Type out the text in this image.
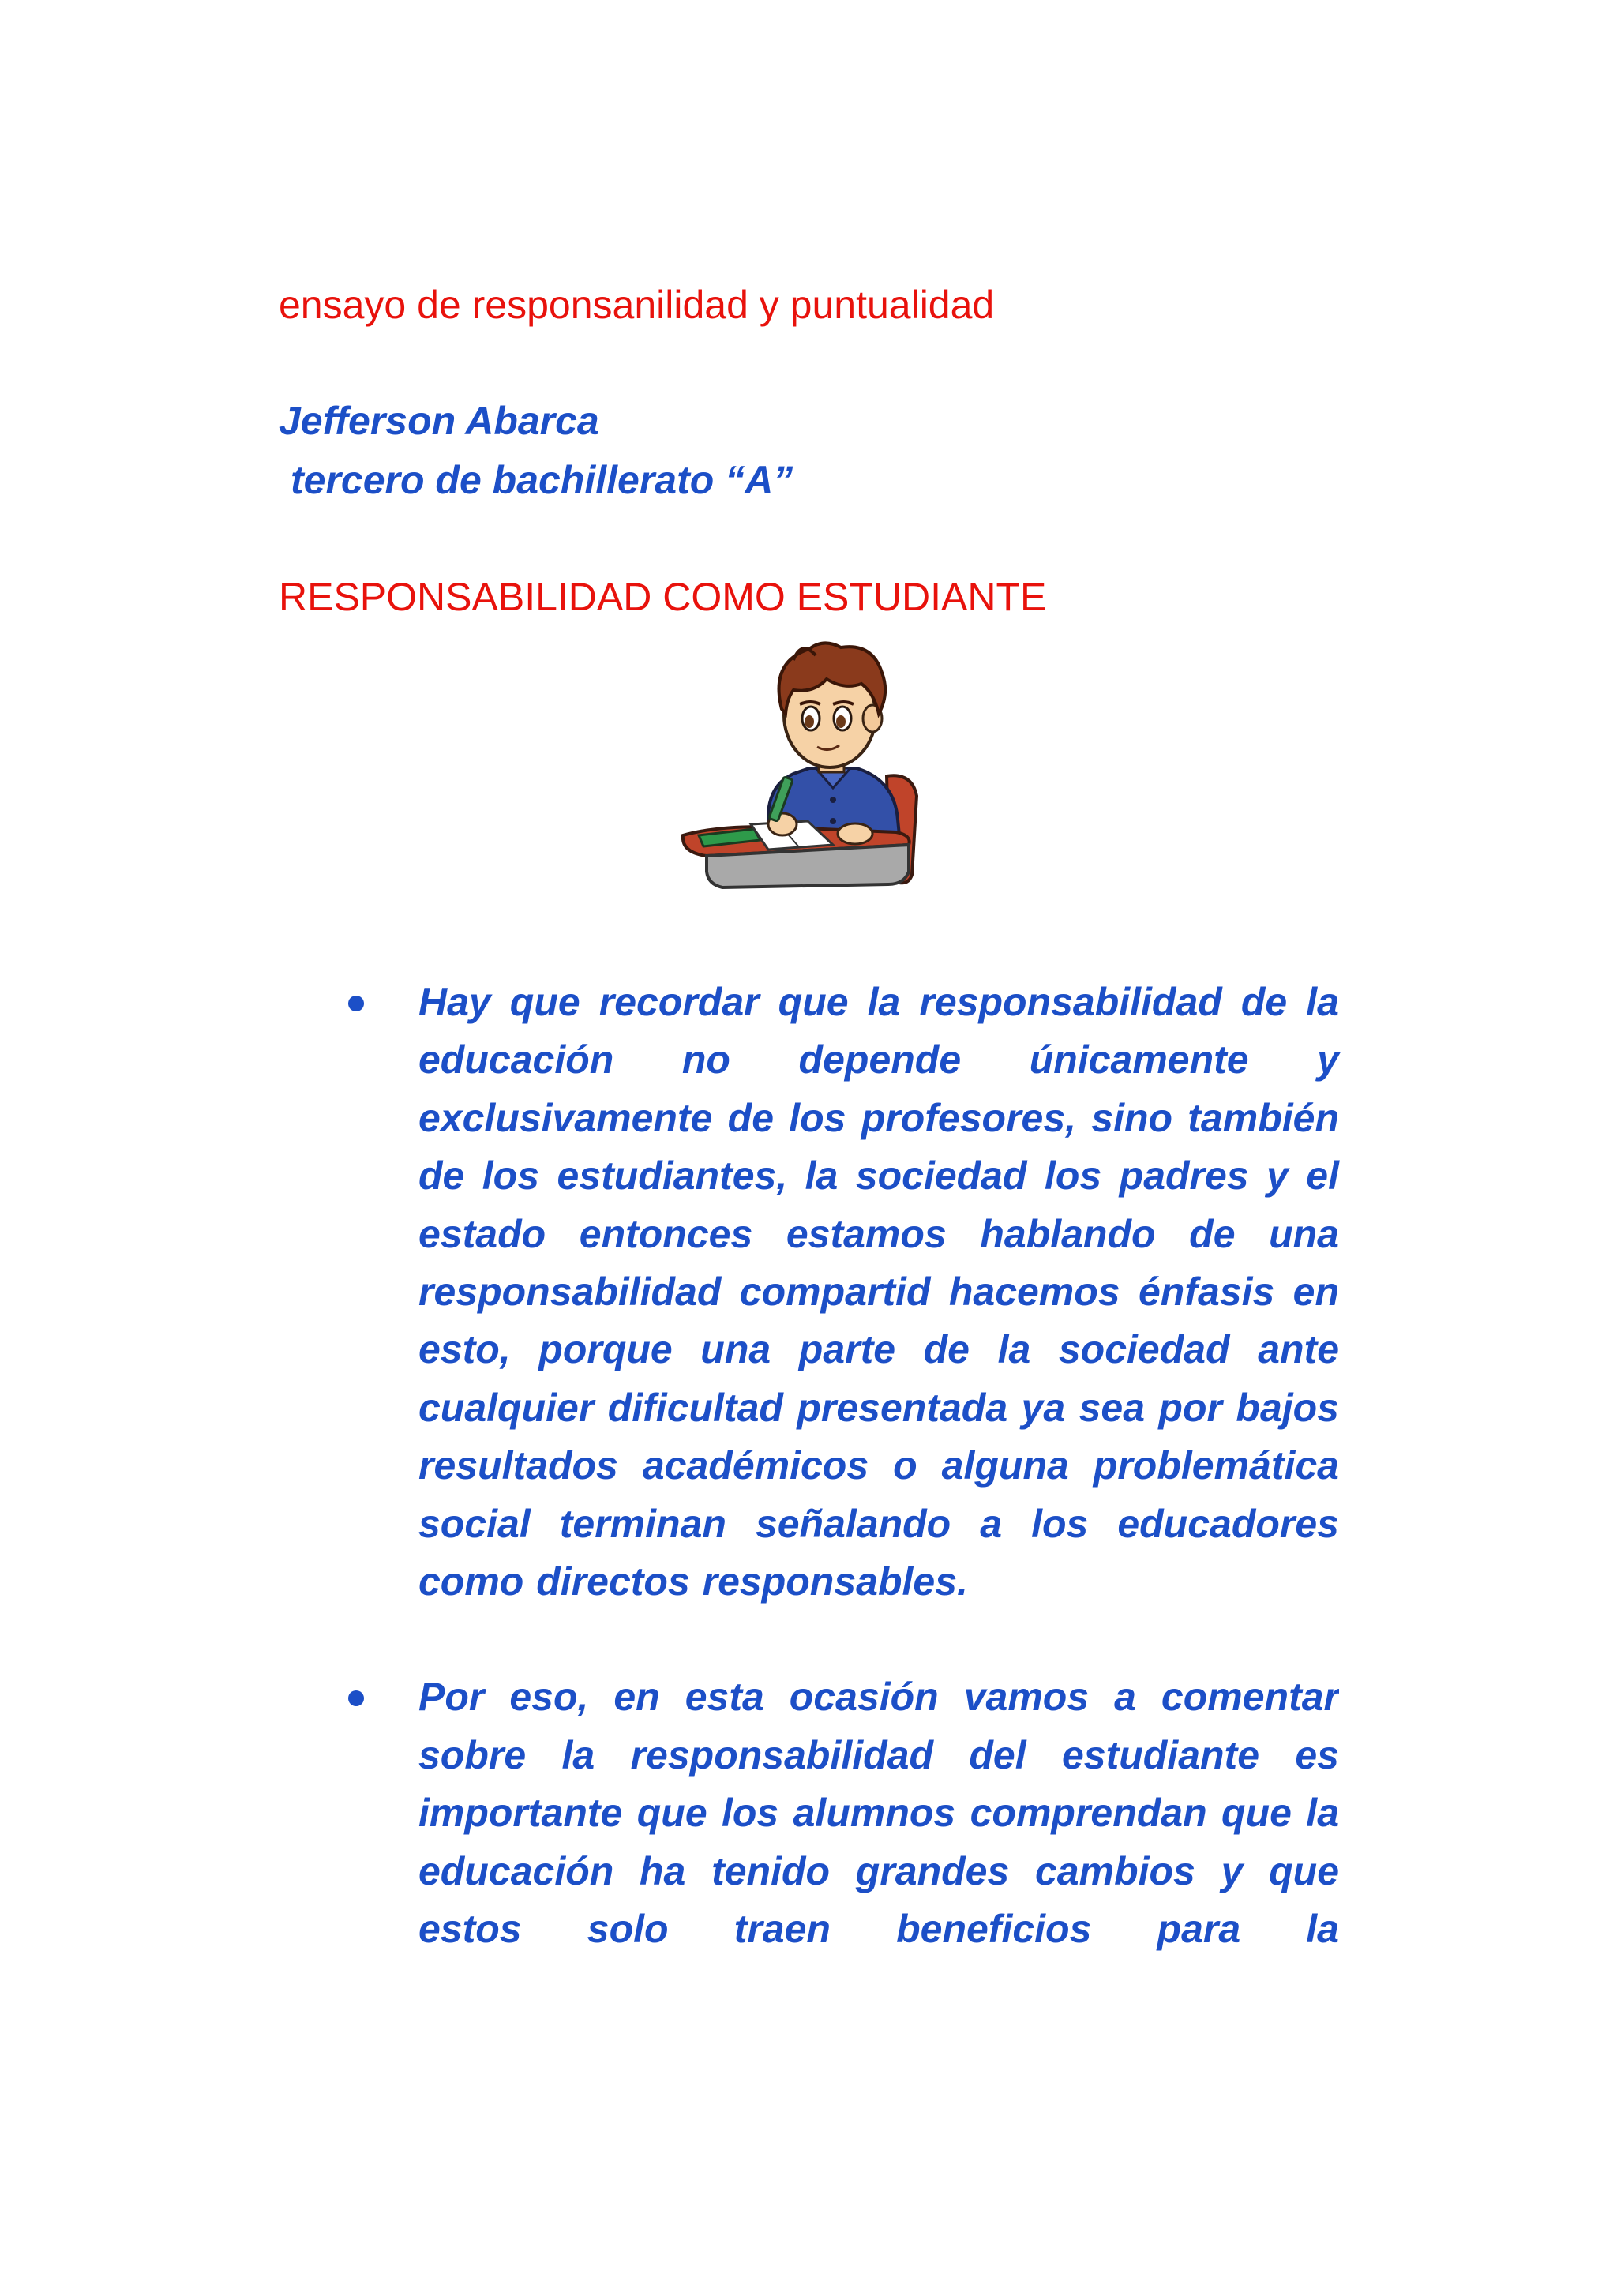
ensayo de responsanilidad y puntualidad
Jefferson Abarca
tercero de bachillerato “A”
RESPONSABILIDAD COMO ESTUDIANTE
Hay que recordar que la responsabilidad de la educación no depende únicamente y exclusivamente de los profesores, sino también de los estudiantes, la sociedad los padres y el estado entonces estamos hablando de una responsabilidad compartid hacemos énfasis en esto, porque una parte de la sociedad ante cualquier dificultad presentada ya sea por bajos resultados académicos o alguna problemática social terminan señalando a los educadores como directos responsables.
Por eso, en esta ocasión vamos a comentar sobre la responsabilidad del estudiante es importante que los alumnos comprendan que la educación ha tenido grandes cambios y que estos solo traen beneficios para la
